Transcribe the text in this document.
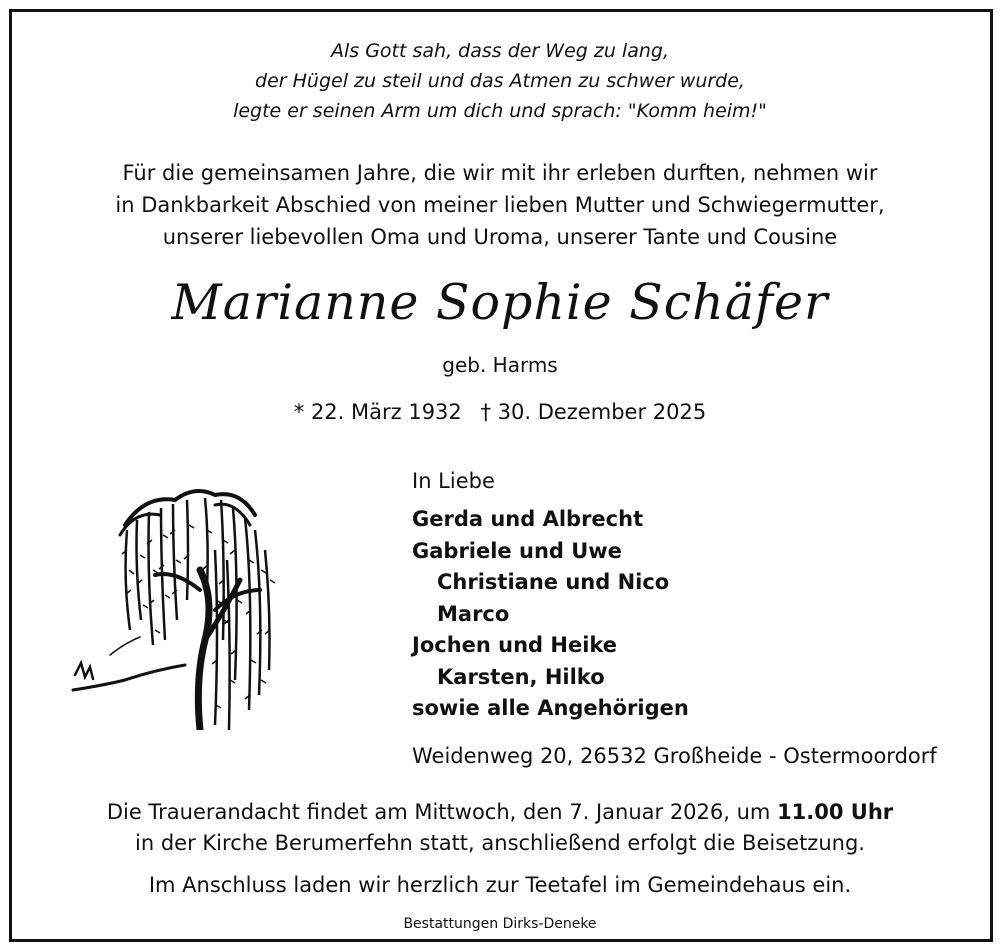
Als Gott sah, dass der Weg zu lang,
der Hügel zu steil und das Atmen zu schwer wurde,
legte er seinen Arm um dich und sprach: "Komm heim!"
Für die gemeinsamen Jahre, die wir mit ihr erleben durften, nehmen wir
in Dankbarkeit Abschied von meiner lieben Mutter und Schwiegermutter,
unserer liebevollen Oma und Uroma, unserer Tante und Cousine
Marianne Sophie Schäfer
geb. Harms
* 22. März 1932 † 30. Dezember 2025
In Liebe
Gerda und Albrecht
Gabriele und Uwe
Christiane und Nico
Marco
Jochen und Heike
Karsten, Hilko
sowie alle Angehörigen
Weidenweg 20, 26532 Großheide - Ostermoordorf
Die Trauerandacht findet am Mittwoch, den 7. Januar 2026, um 11.00 Uhr
in der Kirche Berumerfehn statt, anschließend erfolgt die Beisetzung.
Im Anschluss laden wir herzlich zur Teetafel im Gemeindehaus ein.
Bestattungen Dirks-Deneke
